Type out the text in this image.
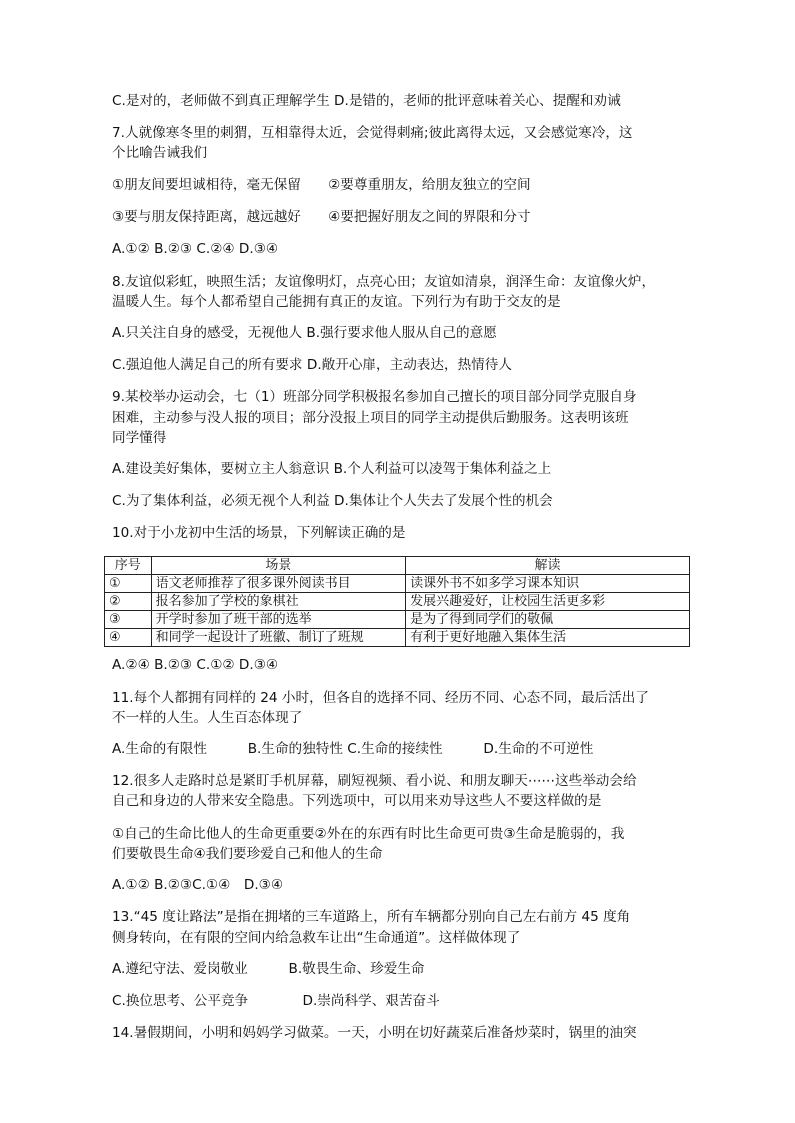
C.是对的，老师做不到真正理解学生 D.是错的，老师的批评意味着关心、提醒和劝诫
7.人就像寒冬里的刺猬，互相靠得太近，会觉得刺痛;彼此离得太远，又会感觉寒冷，这
个比喻告诫我们
①朋友间要坦诚相待，毫无保留　　②要尊重朋友，给朋友独立的空间
③要与朋友保持距离，越远越好　　④要把握好朋友之间的界限和分寸
A.①② B.②③ C.②④ D.③④
8.友谊似彩虹，映照生活；友谊像明灯，点亮心田；友谊如清泉，润泽生命：友谊像火炉，
温暖人生。每个人都希望自己能拥有真正的友谊。下列行为有助于交友的是
A.只关注自身的感受，无视他人 B.强行要求他人服从自己的意愿
C.强迫他人满足自己的所有要求 D.敞开心扉，主动表达，热情待人
9.某校举办运动会，七（1）班部分同学积极报名参加自己擅长的项目部分同学克服自身
困难，主动参与没人报的项目；部分没报上项目的同学主动提供后勤服务。这表明该班
同学懂得
A.建设美好集体，要树立主人翁意识 B.个人利益可以凌驾于集体利益之上
C.为了集体利益，必须无视个人利益 D.集体让个人失去了发展个性的机会
10.对于小龙初中生活的场景，下列解读正确的是
序号	场景	解读
①	语文老师推荐了很多课外阅读书目	读课外书不如多学习课本知识
②	报名参加了学校的象棋社	发展兴趣爱好，让校园生活更多彩
③	开学时参加了班干部的选举	是为了得到同学们的敬佩
④	和同学一起设计了班徽、制订了班规	有利于更好地融入集体生活
A.②④ B.②③ C.①② D.③④
11.每个人都拥有同样的 24 小时，但各自的选择不同、经历不同、心态不同，最后活出了
不一样的人生。人生百态体现了
A.生命的有限性　　　B.生命的独特性 C.生命的接续性　　　D.生命的不可逆性
12.很多人走路时总是紧盯手机屏幕，刷短视频、看小说、和朋友聊天⋯⋯这些举动会给
自己和身边的人带来安全隐患。下列选项中，可以用来劝导这些人不要这样做的是
①自己的生命比他人的生命更重要②外在的东西有时比生命更可贵③生命是脆弱的，我
们要敬畏生命④我们要珍爱自己和他人的生命
A.①② B.②③C.①④　D.③④
13.“45 度让路法”是指在拥堵的三车道路上，所有车辆都分别向自己左右前方 45 度角
侧身转向，在有限的空间内给急救车让出“生命通道”。这样做体现了
A.遵纪守法、爱岗敬业　　　B.敬畏生命、珍爱生命
C.换位思考、公平竞争　　　　D.崇尚科学、艰苦奋斗
14.暑假期间，小明和妈妈学习做菜。一天，小明在切好蔬菜后准备炒菜时，锅里的油突
